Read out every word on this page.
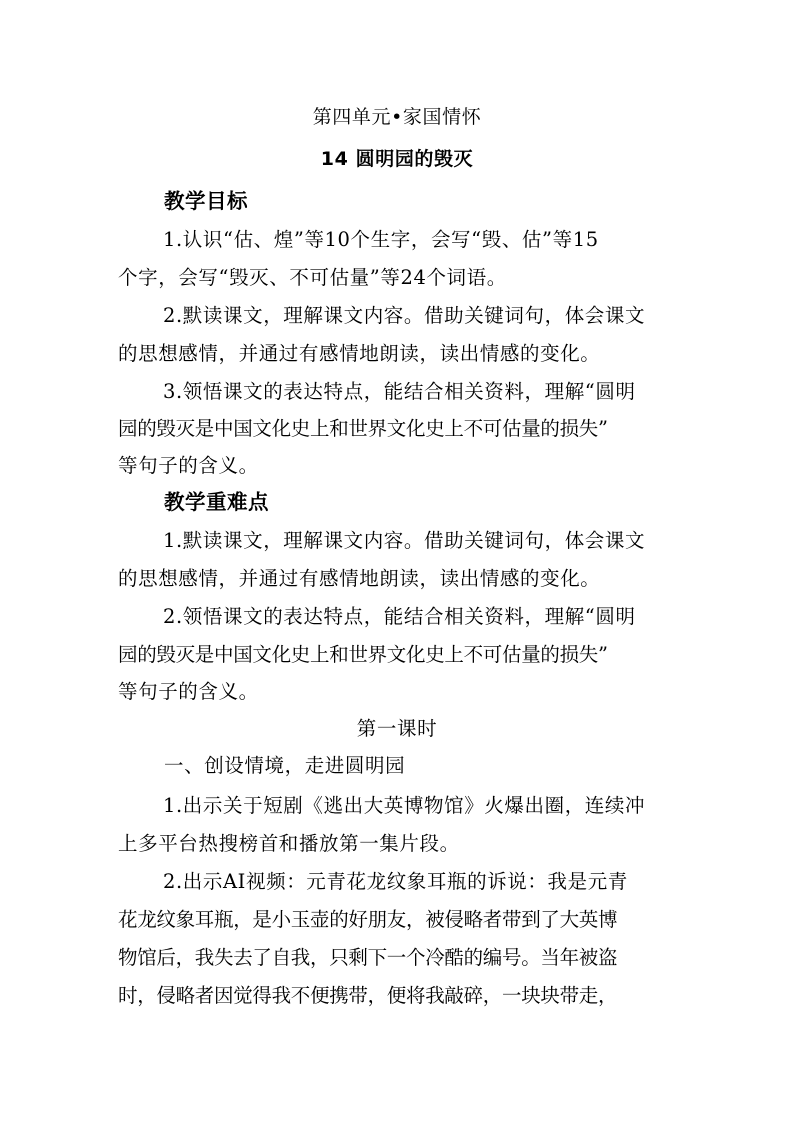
第四单元•家国情怀
14 圆明园的毁灭
教学目标
1.认识“估、煌”等10个生字，会写“毁、估”等15
个字，会写“毁灭、不可估量”等24个词语。
2.默读课文，理解课文内容。借助关键词句，体会课文
的思想感情，并通过有感情地朗读，读出情感的变化。
3.领悟课文的表达特点，能结合相关资料，理解“圆明
园的毁灭是中国文化史上和世界文化史上不可估量的损失”
等句子的含义。
教学重难点
1.默读课文，理解课文内容。借助关键词句，体会课文
的思想感情，并通过有感情地朗读，读出情感的变化。
2.领悟课文的表达特点，能结合相关资料，理解“圆明
园的毁灭是中国文化史上和世界文化史上不可估量的损失”
等句子的含义。
第一课时
一、创设情境，走进圆明园
1.出示关于短剧《逃出大英博物馆》火爆出圈，连续冲
上多平台热搜榜首和播放第一集片段。
2.出示AI视频：元青花龙纹象耳瓶的诉说：我是元青
花龙纹象耳瓶，是小玉壶的好朋友，被侵略者带到了大英博
物馆后，我失去了自我，只剩下一个冷酷的编号。当年被盗
时，侵略者因觉得我不便携带，便将我敲碎，一块块带走，
